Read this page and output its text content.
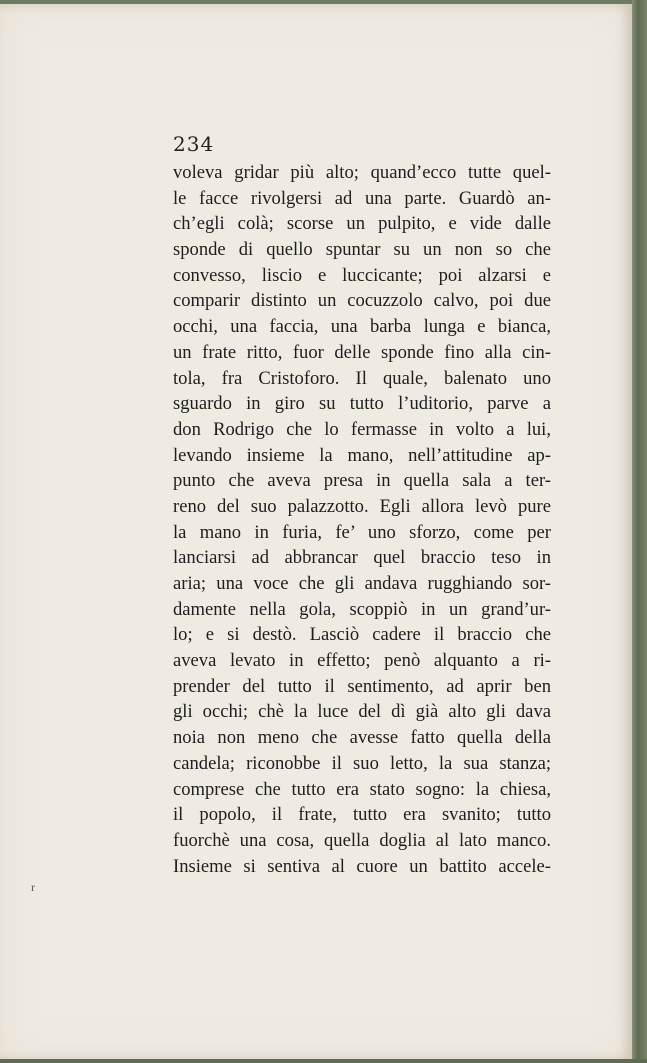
234
voleva gridar più alto; quand’ecco tutte quel-
le facce rivolgersi ad una parte. Guardò an-
ch’egli colà; scorse un pulpito, e vide dalle
sponde di quello spuntar su un non so che
convesso, liscio e luccicante; poi alzarsi e
comparir distinto un cocuzzolo calvo, poi due
occhi, una faccia, una barba lunga e bianca,
un frate ritto, fuor delle sponde fino alla cin-
tola, fra Cristoforo. Il quale, balenato uno
sguardo in giro su tutto l’uditorio, parve a
don Rodrigo che lo fermasse in volto a lui,
levando insieme la mano, nell’attitudine ap-
punto che aveva presa in quella sala a ter-
reno del suo palazzotto. Egli allora levò pure
la mano in furia, fe’ uno sforzo, come per
lanciarsi ad abbrancar quel braccio teso in
aria; una voce che gli andava rugghiando sor-
damente nella gola, scoppiò in un grand’ur-
lo; e si destò. Lasciò cadere il braccio che
aveva levato in effetto; penò alquanto a ri-
prender del tutto il sentimento, ad aprir ben
gli occhi; chè la luce del dì già alto gli dava
noia non meno che avesse fatto quella della
candela; riconobbe il suo letto, la sua stanza;
comprese che tutto era stato sogno: la chiesa,
il popolo, il frate, tutto era svanito; tutto
fuorchè una cosa, quella doglia al lato manco.
Insieme si sentiva al cuore un battito accele-
r
